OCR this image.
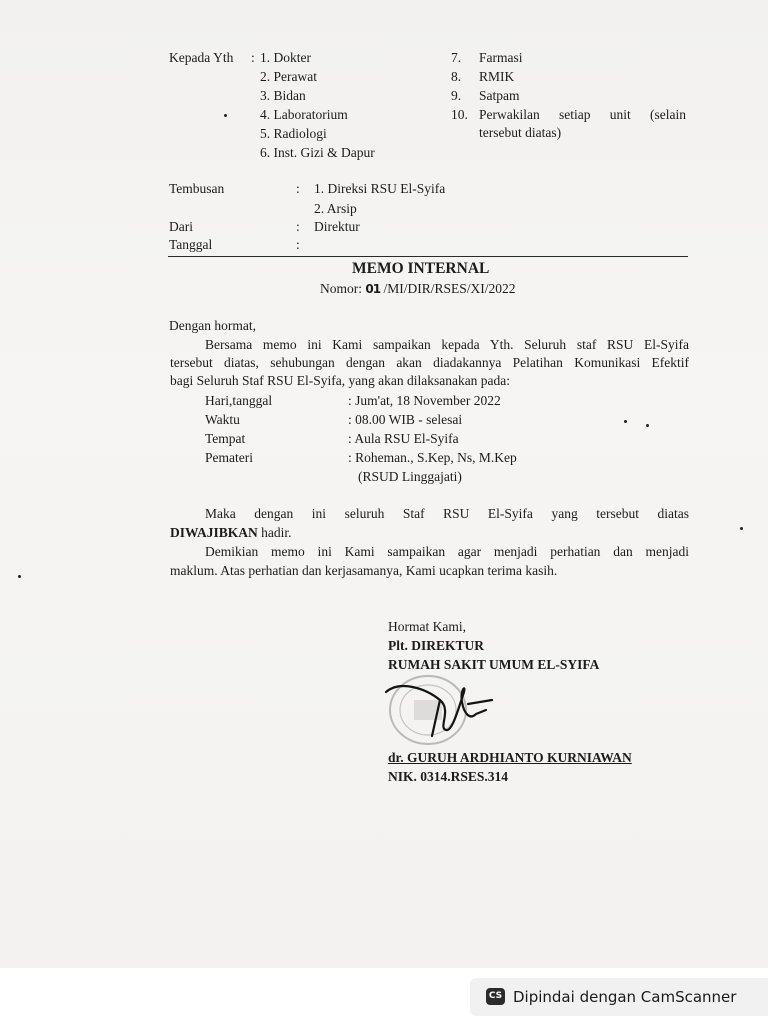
Kepada Yth : 1. Dokter
2. Perawat
3. Bidan
4. Laboratorium
5. Radiologi
6. Inst. Gizi & Dapur
7. Farmasi
8. RMIK
9. Satpam
10. Perwakilan setiap unit (selain
tersebut diatas)
Tembusan	: 1. Direksi RSU El-Syifa
2. Arsip
Dari	: Direktur
Tanggal	:
MEMO INTERNAL
Nomor: 01 /MI/DIR/RSES/XI/2022
Dengan hormat,
Bersama memo ini Kami sampaikan kepada Yth. Seluruh staf RSU El-Syifa
tersebut diatas, sehubungan dengan akan diadakannya Pelatihan Komunikasi Efektif
bagi Seluruh Staf RSU El-Syifa, yang akan dilaksanakan pada:
Hari,tanggal	: Jum'at, 18 November 2022
Waktu	: 08.00 WIB - selesai
Tempat	: Aula RSU El-Syifa
Pemateri	: Roheman., S.Kep, Ns, M.Kep
(RSUD Linggajati)
Maka dengan ini seluruh Staf RSU El-Syifa yang tersebut diatas
DIWAJIBKAN hadir.
Demikian memo ini Kami sampaikan agar menjadi perhatian dan menjadi
maklum. Atas perhatian dan kerjasamanya, Kami ucapkan terima kasih.
Hormat Kami,
Plt. DIREKTUR
RUMAH SAKIT UMUM EL-SYIFA
dr. GURUH ARDHIANTO KURNIAWAN
NIK. 0314.RSES.314
CS Dipindai dengan CamScanner
